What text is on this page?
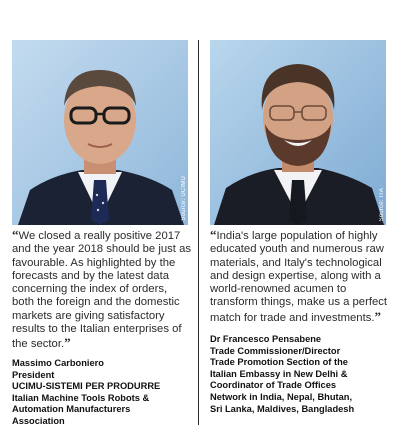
Source: UCIMU

“We closed a really positive 2017 and the year 2018 should be just as favourable. As highlighted by the forecasts and by the latest data concerning the index of orders, both the foreign and the domestic markets are giving satisfactory results to the Italian enterprises of the sector.”

Massimo Carboniero
President
UCIMU-SISTEMI PER PRODURRE
Italian Machine Tools Robots &
Automation Manufacturers
Association
Source: ITA

“India's large population of highly educated youth and numerous raw materials, and Italy's technological and design expertise, along with a world-renowned acumen to transform things, make us a perfect match for trade and investments.”

Dr Francesco Pensabene
Trade Commissioner/Director
Trade Promotion Section of the
Italian Embassy in New Delhi &
Coordinator of Trade Offices
Network in India, Nepal, Bhutan,
Sri Lanka, Maldives, Bangladesh
